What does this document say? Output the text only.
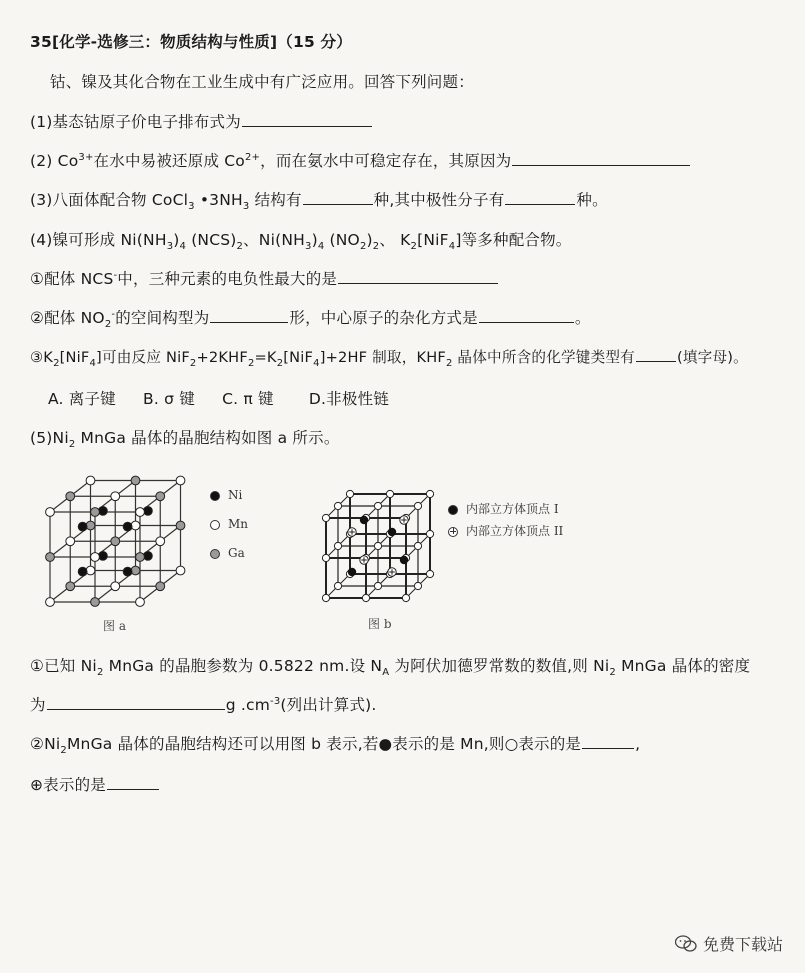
35[化学-选修三：物质结构与性质]（15 分）
钴、镍及其化合物在工业生成中有广泛应用。回答下列问题：
(1)基态钴原子价电子排布式为
(2) $Co^{3+}$在水中易被还原成 $Co^{2+}$，而在氨水中可稳定存在，其原因为
(3)八面体配合物 CoCl$_3$ $•3NH_3$ 结构有	种,其中极性分子有	种。
(4)镍可形成 $Ni(NH_3)_4$ $(NCS)_2$、$Ni(NH_3)_4$ $(NO_2)_2$、 $K_2[NiF_4]$等多种配合物。
①配体 NCS-中，三种元素的电负性最大的是
②配体 $NO_2^-$的空间构型为	形，中心原子的杂化方式是	。
$③K_2[NiF_4]$可由反应 $NiF_2+2KHF_2=K_2[NiF_4]+2HF$ 制取，$KHF_2$ 晶体中所含的化学键类型有	(填字母)。
A. 离子键 B. σ 键 C. π 键 D.非极性链
$(5)Ni_2$ MnGa 晶体的晶胞结构如图 a 所示。
Ni
Mn
Ga
图 a
内部立方体顶点 I
内部立方体顶点 II
图 b
①已知 $Ni_2$ MnGa 的晶胞参数为 0.5822 nm.设 $N_A$ 为阿伏加德罗常数的数值,则 $Ni_2$ MnGa 晶体的密度
为	g $.cm^{-3}$(列出计算式).
$②Ni_2MnGa$ 晶体的晶胞结构还可以用图 b 表示,若●表示的是 Mn,则○表示的是	,
⊕表示的是
免费下载站
